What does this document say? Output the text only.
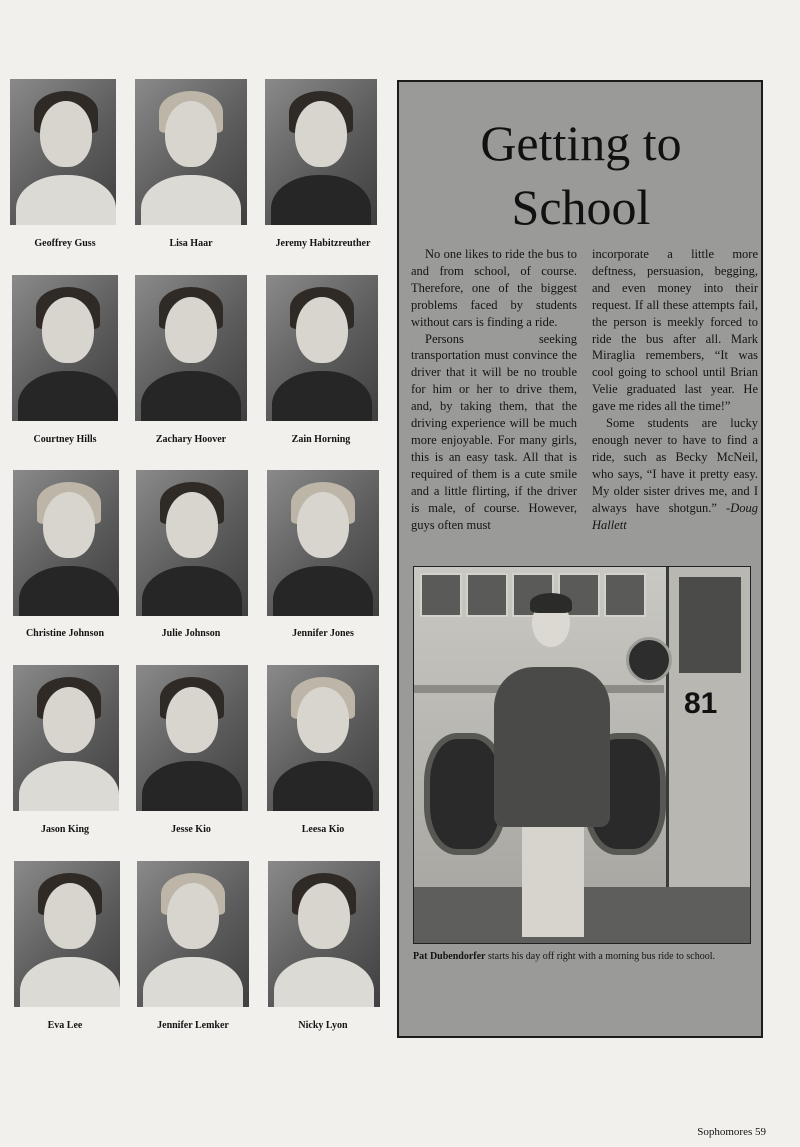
Geoffrey Guss	Lisa Haar	Jeremy Habitzreuther
Courtney Hills	Zachary Hoover	Zain Horning
Christine Johnson	Julie Johnson	Jennifer Jones
Jason King	Jesse Kio	Leesa Kio
Eva Lee	Jennifer Lemker	Nicky Lyon
Getting to
School

No one likes to ride the bus to and from school, of course. Therefore, one of the biggest problems faced by students without cars is finding a ride.

Persons seeking transportation must convince the driver that it will be no trouble for him or her to drive them, and, by taking them, that the driving experience will be much more enjoyable. For many girls, this is an easy task. All that is required of them is a cute smile and a little flirting, if the driver is male, of course. However, guys often must

incorporate a little more deftness, persuasion, begging, and even money into their request. If all these attempts fail, the person is meekly forced to ride the bus after all. Mark Miraglia remembers, “It was cool going to school until Brian Velie graduated last year. He gave me rides all the time!”

Some students are lucky enough never to have to find a ride, such as Becky McNeil, who says, “I have it pretty easy. My older sister drives me, and I always have shotgun.” -Doug Hallett

81
Pat Dubendorfer starts his day off right with a morning bus ride to school.
Sophomores 59
